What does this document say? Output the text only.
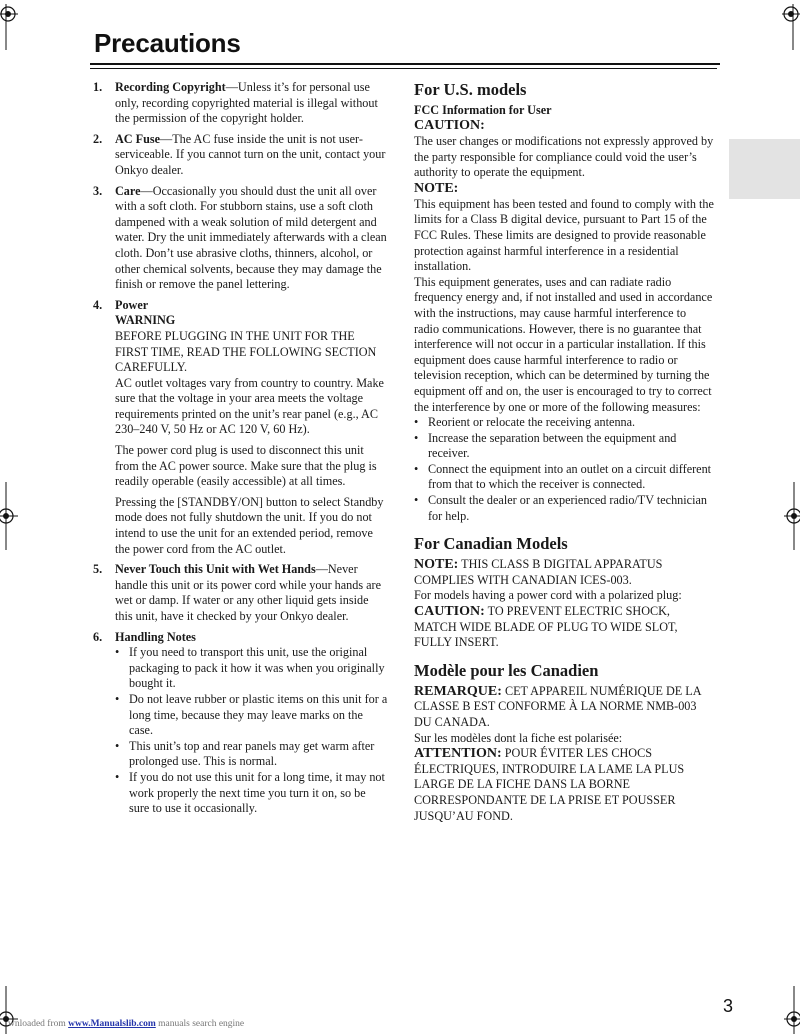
Precautions
1.	Recording Copyright—Unless it’s for personal use only, recording copyrighted material is illegal without the permission of the copyright holder.

2.	AC Fuse—The AC fuse inside the unit is not user-serviceable. If you cannot turn on the unit, contact your Onkyo dealer.

3.	Care—Occasionally you should dust the unit all over with a soft cloth. For stubborn stains, use a soft cloth dampened with a weak solution of mild detergent and water. Dry the unit immediately afterwards with a clean cloth. Don’t use abrasive cloths, thinners, alcohol, or other chemical solvents, because they may damage the finish or remove the panel lettering.

4.	Power

WARNING

BEFORE PLUGGING IN THE UNIT FOR THE FIRST TIME, READ THE FOLLOWING SECTION CAREFULLY.

AC outlet voltages vary from country to country. Make sure that the voltage in your area meets the voltage requirements printed on the unit’s rear panel (e.g., AC 230–240 V, 50 Hz or AC 120 V, 60 Hz).

The power cord plug is used to disconnect this unit from the AC power source. Make sure that the plug is readily operable (easily accessible) at all times.

Pressing the [STANDBY/ON] button to select Standby mode does not fully shutdown the unit. If you do not intend to use the unit for an extended period, remove the power cord from the AC outlet.

5.	Never Touch this Unit with Wet Hands—Never handle this unit or its power cord while your hands are wet or damp. If water or any other liquid gets inside this unit, have it checked by your Onkyo dealer.

6.	Handling Notes

• If you need to transport this unit, use the original packaging to pack it how it was when you originally bought it.
• Do not leave rubber or plastic items on this unit for a long time, because they may leave marks on the case.
• This unit’s top and rear panels may get warm after prolonged use. This is normal.
• If you do not use this unit for a long time, it may not work properly the next time you turn it on, so be sure to use it occasionally.
For U.S. models
FCC Information for User
CAUTION:

The user changes or modifications not expressly approved by the party responsible for compliance could void the user’s authority to operate the equipment.

NOTE:

This equipment has been tested and found to comply with the limits for a Class B digital device, pursuant to Part 15 of the FCC Rules. These limits are designed to provide reasonable protection against harmful interference in a residential installation.

This equipment generates, uses and can radiate radio frequency energy and, if not installed and used in accordance with the instructions, may cause harmful interference to radio communications. However, there is no guarantee that interference will not occur in a particular installation. If this equipment does cause harmful interference to radio or television reception, which can be determined by turning the equipment off and on, the user is encouraged to try to correct the interference by one or more of the following measures:

• Reorient or relocate the receiving antenna.
• Increase the separation between the equipment and receiver.
• Connect the equipment into an outlet on a circuit different from that to which the receiver is connected.
• Consult the dealer or an experienced radio/TV technician for help.
For Canadian Models

NOTE: THIS CLASS B DIGITAL APPARATUS COMPLIES WITH CANADIAN ICES-003.

For models having a power cord with a polarized plug:

CAUTION: TO PREVENT ELECTRIC SHOCK, MATCH WIDE BLADE OF PLUG TO WIDE SLOT, FULLY INSERT.

Modèle pour les Canadien

REMARQUE: CET APPAREIL NUMÉRIQUE DE LA CLASSE B EST CONFORME À LA NORME NMB-003 DU CANADA.

Sur les modèles dont la fiche est polarisée:

ATTENTION: POUR ÉVITER LES CHOCS ÉLECTRIQUES, INTRODUIRE LA LAME LA PLUS LARGE DE LA FICHE DANS LA BORNE CORRESPONDANTE DE LA PRISE ET POUSSER JUSQU’AU FOND.

3
wnloaded from www.Manualslib.com manuals search engine
